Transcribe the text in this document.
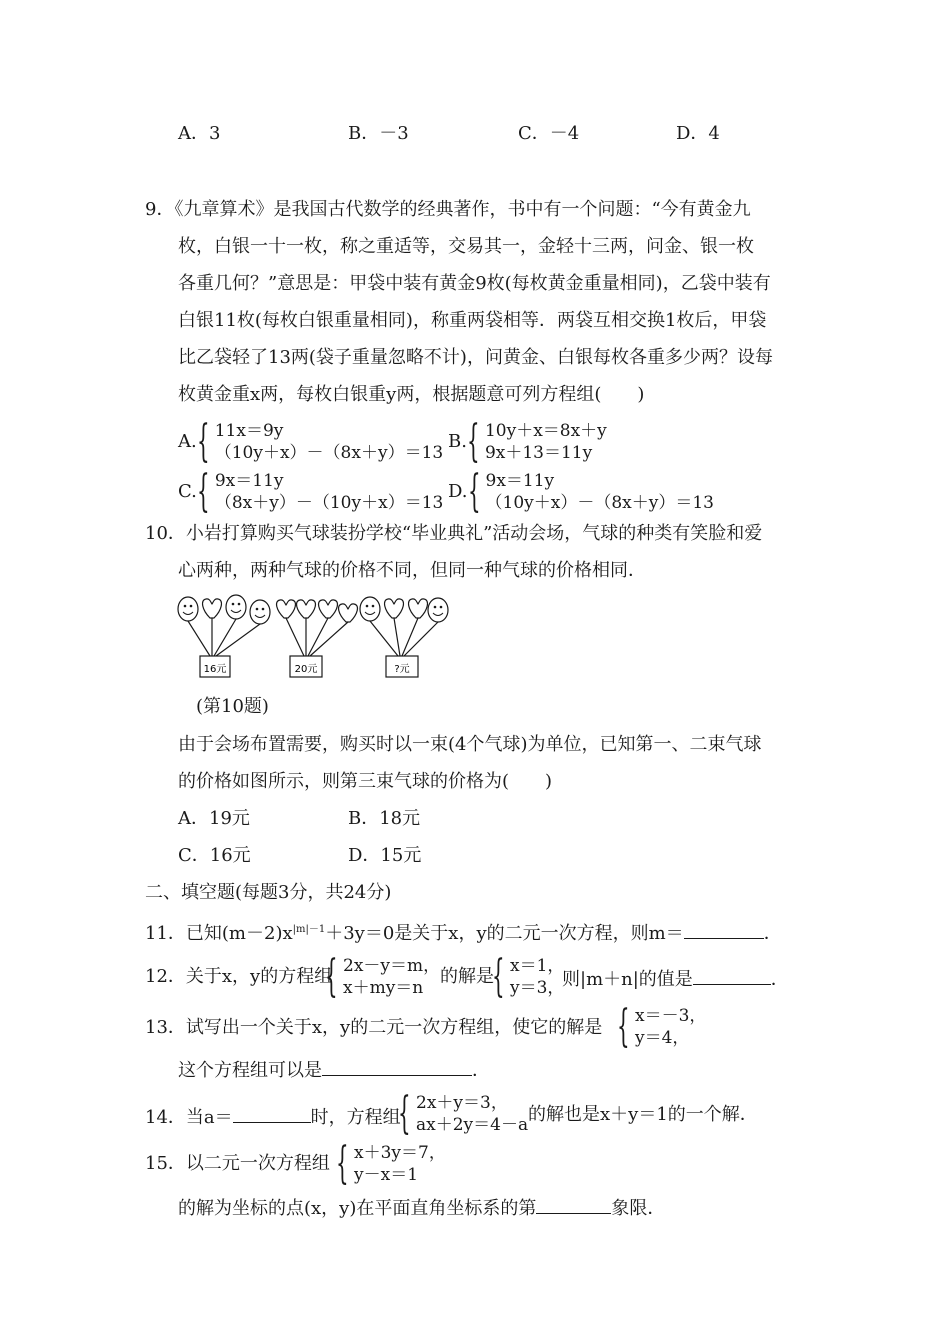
A．3	B．－3	C．－4	D．4
9．《九章算术》是我国古代数学的经典著作，书中有一个问题：“今有黄金九
枚，白银一十一枚，称之重适等，交易其一，金轻十三两，问金、银一枚
各重几何？”意思是：甲袋中装有黄金9枚(每枚黄金重量相同)，乙袋中装有
白银11枚(每枚白银重量相同)，称重两袋相等．两袋互相交换1枚后，甲袋
比乙袋轻了13两(袋子重量忽略不计)，问黄金、白银每枚各重多少两？设每
枚黄金重x两，每枚白银重y两，根据题意可列方程组(　　)
A. { 11x＝9y
（10y＋x）－（8x＋y）＝13
B. { 10y＋x＝8x＋y
9x＋13＝11y
C. { 9x＝11y
（8x＋y）－（10y＋x）＝13
D. { 9x＝11y
（10y＋x）－（8x＋y）＝13
10．小岩打算购买气球装扮学校“毕业典礼”活动会场，气球的种类有笑脸和爱
心两种，两种气球的价格不同，但同一种气球的价格相同．
16元	20元	?元
(第10题)
由于会场布置需要，购买时以一束(4个气球)为单位，已知第一、二束气球
的价格如图所示，则第三束气球的价格为(　　)
A．19元	B．18元
C．16元	D．15元
二、填空题(每题3分，共24分)
11．已知$(m-2)x^{|m|-1}+3y=0$是关于x，y的二元一次方程，则m＝	．
12．关于x，y的方程组
{ 2x－y＝m，
x＋my＝n
的解是
{ x＝1，
y＝3，
则|m＋n|的值是	．
13．试写出一个关于x，y的二元一次方程组，使它的解是 { x＝－3，
y＝4，
这个方程组可以是	．
14．当a＝	时，方程组
{ 2x＋y＝3，
ax＋2y＝4－a 的解也是x＋y＝1的一个解．
15．以二元一次方程组 { x＋3y＝7，
y－x＝1
的解为坐标的点(x，y)在平面直角坐标系的第	象限．
